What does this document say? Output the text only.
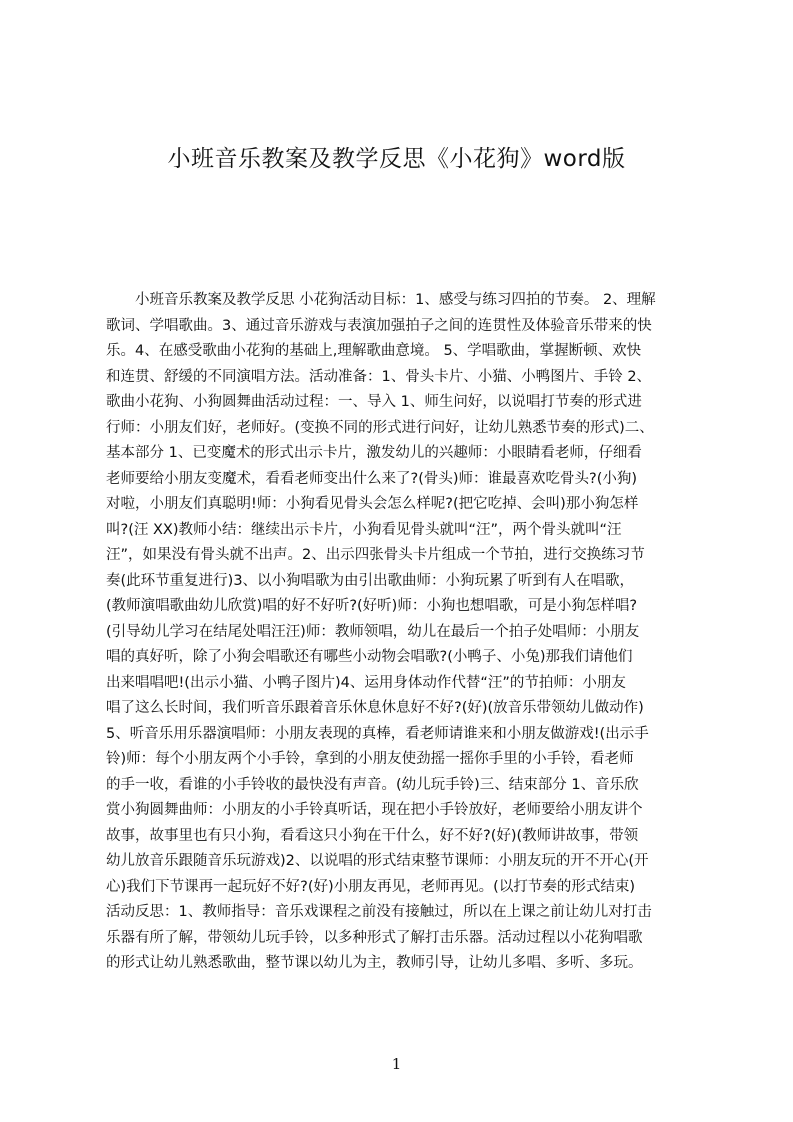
小班音乐教案及教学反思《小花狗》word版
　　小班音乐教案及教学反思 小花狗活动目标：1、感受与练习四拍的节奏。 2、理解
歌词、学唱歌曲。3、通过音乐游戏与表演加强拍子之间的连贯性及体验音乐带来的快
乐。4、在感受歌曲小花狗的基础上,理解歌曲意境。 5、学唱歌曲，掌握断顿、欢快
和连贯、舒缓的不同演唱方法。活动准备：1、骨头卡片、小猫、小鸭图片、手铃 2、
歌曲小花狗、小狗圆舞曲活动过程：一、导入 1、师生问好，以说唱打节奏的形式进
行师：小朋友们好，老师好。(变换不同的形式进行问好，让幼儿熟悉节奏的形式)二、
基本部分 1、已变魔术的形式出示卡片，激发幼儿的兴趣师：小眼睛看老师，仔细看
老师要给小朋友变魔术，看看老师变出什么来了?(骨头)师：谁最喜欢吃骨头?(小狗)
对啦，小朋友们真聪明!师：小狗看见骨头会怎么样呢?(把它吃掉、会叫)那小狗怎样
叫?(汪 XX)教师小结：继续出示卡片，小狗看见骨头就叫“汪”，两个骨头就叫“汪
汪”，如果没有骨头就不出声。2、出示四张骨头卡片组成一个节拍，进行交换练习节
奏(此环节重复进行)3、以小狗唱歌为由引出歌曲师：小狗玩累了听到有人在唱歌，
(教师演唱歌曲幼儿欣赏)唱的好不好听?(好听)师：小狗也想唱歌，可是小狗怎样唱?
(引导幼儿学习在结尾处唱汪汪)师：教师领唱，幼儿在最后一个拍子处唱师：小朋友
唱的真好听，除了小狗会唱歌还有哪些小动物会唱歌?(小鸭子、小兔)那我们请他们
出来唱唱吧!(出示小猫、小鸭子图片)4、运用身体动作代替“汪”的节拍师：小朋友
唱了这么长时间，我们听音乐跟着音乐休息休息好不好?(好)(放音乐带领幼儿做动作)
5、听音乐用乐器演唱师：小朋友表现的真棒，看老师请谁来和小朋友做游戏!(出示手
铃)师：每个小朋友两个小手铃，拿到的小朋友使劲摇一摇你手里的小手铃，看老师
的手一收，看谁的小手铃收的最快没有声音。(幼儿玩手铃)三、结束部分 1、音乐欣
赏小狗圆舞曲师：小朋友的小手铃真听话，现在把小手铃放好，老师要给小朋友讲个
故事，故事里也有只小狗，看看这只小狗在干什么，好不好?(好)(教师讲故事，带领
幼儿放音乐跟随音乐玩游戏)2、以说唱的形式结束整节课师：小朋友玩的开不开心(开
心)我们下节课再一起玩好不好?(好)小朋友再见，老师再见。(以打节奏的形式结束)
活动反思：1、教师指导：音乐戏课程之前没有接触过，所以在上课之前让幼儿对打击
乐器有所了解，带领幼儿玩手铃，以多种形式了解打击乐器。活动过程以小花狗唱歌
的形式让幼儿熟悉歌曲，整节课以幼儿为主，教师引导，让幼儿多唱、多听、多玩。
1
